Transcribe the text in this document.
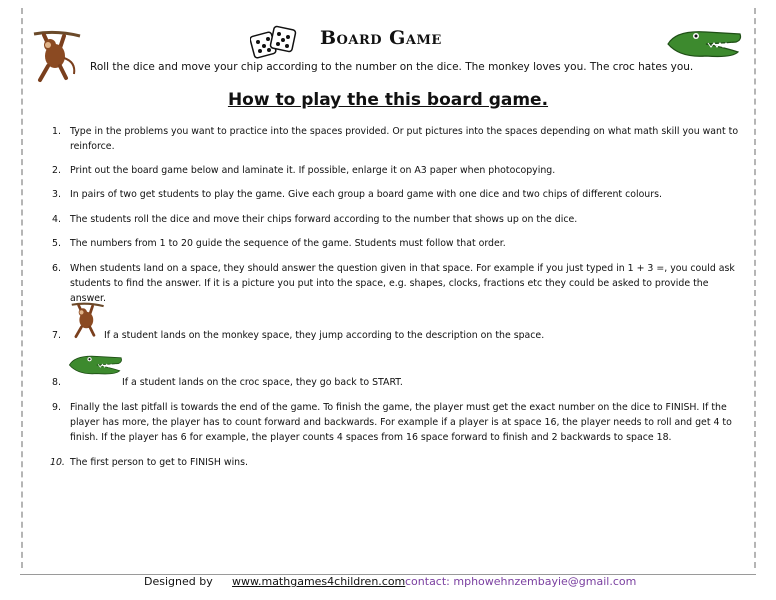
Board Game

Roll the dice and move your chip according to the number on the dice. The monkey loves you. The croc hates you.

How to play the this board game.
1. Type in the problems you want to practice into the spaces provided. Or put pictures into the spaces depending on what math skill you want to reinforce.
2. Print out the board game below and laminate it. If possible, enlarge it on A3 paper when photocopying.
3. In pairs of two get students to play the game. Give each group a board game with one dice and two chips of different colours.
4. The students roll the dice and move their chips forward according to the number that shows up on the dice.
5. The numbers from 1 to 20 guide the sequence of the game. Students must follow that order.
6. When students land on a space, they should answer the question given in that space. For example if you just typed in 1 + 3 =, you could ask students to find the answer. If it is a picture you put into the space, e.g. shapes, clocks, fractions etc they could be asked to provide the answer.
7.	If a student lands on the monkey space, they jump according to the description on the space.
8.	If a student lands on the croc space, they go back to START.
9. Finally the last pitfall is towards the end of the game. To finish the game, the player must get the exact number on the dice to FINISH. If the player has more, the player has to count forward and backwards. For example if a player is at space 16, the player needs to roll and get 4 to finish. If the player has 6 for example, the player counts 4 spaces from 16 space forward to finish and 2 backwards to space 18.
10. The first person to get to FINISH wins.
Designed by www.mathgames4children.com contact: mphowehnzembayie@gmail.com
